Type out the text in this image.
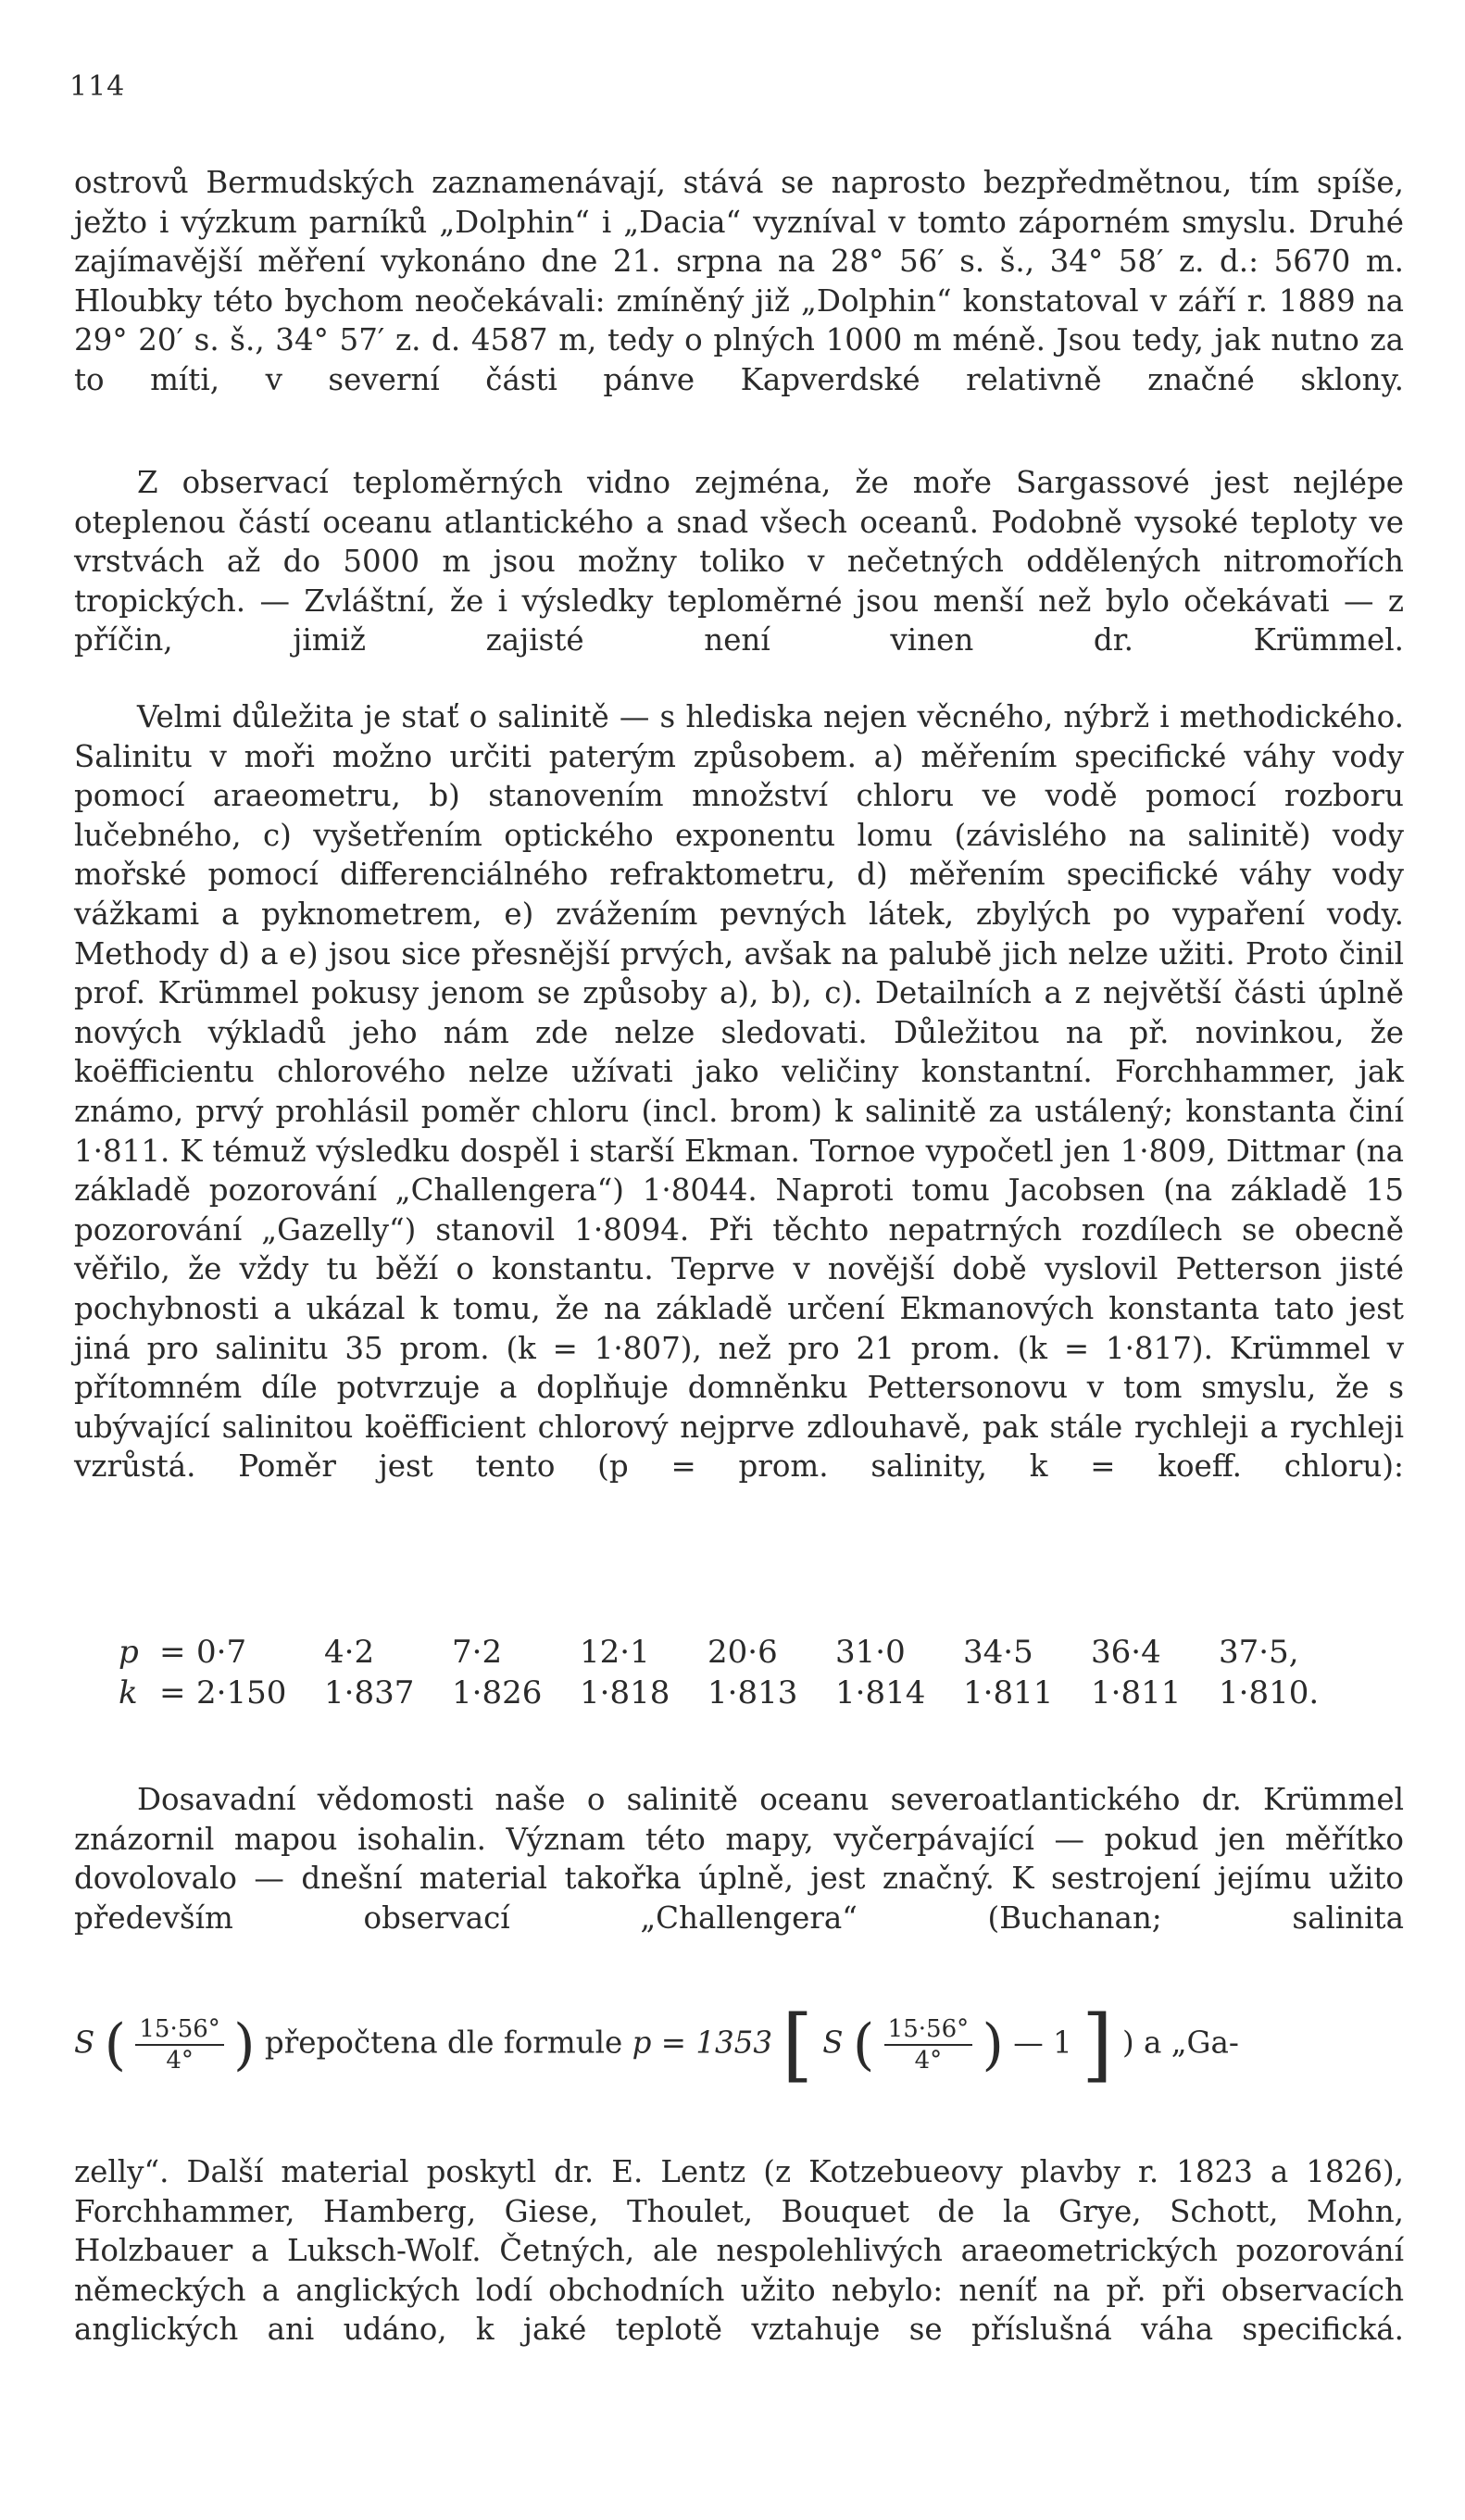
114

ostrovů Bermudských zaznamenávají, stává se naprosto bezpředmětnou, tím spíše, ježto i výzkum parníků „Dolphin“ i „Dacia“ vyzníval v tomto záporném smyslu. Druhé zajímavější měření vykonáno dne 21. srpna na 28° 56′ s. š., 34° 58′ z. d.: 5670 m. Hloubky této bychom neočekávali: zmíněný již „Dolphin“ konstatoval v září r. 1889 na 29° 20′ s. š., 34° 57′ z. d. 4587 m, tedy o plných 1000 m méně. Jsou tedy, jak nutno za to míti, v severní části pánve Kapverdské relativně značné sklony.

Z observací teploměrných vidno zejména, že moře Sargassové jest nejlépe oteplenou částí oceanu atlantického a snad všech oceanů. Podobně vysoké teploty ve vrstvách až do 5000 m jsou možny toliko v nečetných oddělených nitromořích tropických. — Zvláštní, že i výsledky teploměrné jsou menší než bylo očekávati — z příčin, jimiž zajisté není vinen dr. Krümmel.

Velmi důležita je stať o salinitě — s hlediska nejen věcného, nýbrž i methodického. Salinitu v moři možno určiti paterým způsobem. a) měřením specifické váhy vody pomocí araeometru, b) stanovením množství chloru ve vodě pomocí rozboru lučebného, c) vyšetřením optického exponentu lomu (závislého na salinitě) vody mořské pomocí differenciálného refraktometru, d) měřením specifické váhy vody vážkami a pyknometrem, e) zvážením pevných látek, zbylých po vypaření vody. Methody d) a e) jsou sice přesnější prvých, avšak na palubě jich nelze užiti. Proto činil prof. Krümmel pokusy jenom se způsoby a), b), c). Detailních a z největší části úplně nových výkladů jeho nám zde nelze sledovati. Důležitou na př. novinkou, že koëfficientu chlorového nelze užívati jako veličiny konstantní. Forchhammer, jak známo, prvý prohlásil poměr chloru (incl. brom) k salinitě za ustálený; konstanta činí 1·811. K témuž výsledku dospěl i starší Ekman. Tornoe vypočetl jen 1·809, Dittmar (na základě pozorování „Challengera“) 1·8044. Naproti tomu Jacobsen (na základě 15 pozorování „Gazelly“) stanovil 1·8094. Při těchto nepatrných rozdílech se obecně věřilo, že vždy tu běží o konstantu. Teprve v novější době vyslovil Petterson jisté pochybnosti a ukázal k tomu, že na základě určení Ekmanových konstanta tato jest jiná pro salinitu 35 prom. (k = 1·807), než pro 21 prom. (k = 1·817). Krümmel v přítomném díle potvrzuje a doplňuje domněnku Pettersonovu v tom smyslu, že s ubývající salinitou koëfficient chlorový nejprve zdlouhavě, pak stále rychleji a rychleji vzrůstá. Poměr jest tento (p = prom. salinity, k = koeff. chloru):

p	=	0·7	4·2	7·2	12·1	20·6	31·0	34·5	36·4	37·5,
k	=	2·150	1·837	1·826	1·818	1·813	1·814	1·811	1·811	1·810.

Dosavadní vědomosti naše o salinitě oceanu severoatlantického dr. Krümmel znázornil mapou isohalin. Význam této mapy, vyčerpávající — pokud jen měřítko dovolovalo — dnešní material takořka úplně, jest značný. K sestrojení jejímu užito především observací „Challengera“ (Buchanan; salinita

S ( $\frac{15\cdot 56^\circ}{4^\circ}$ ) přepočtena dle formule p = 1353 [ S ( $\frac{15\cdot 56^\circ}{4^\circ}$ ) — 1 ] ) a „Ga-

zelly“. Další material poskytl dr. E. Lentz (z Kotzebueovy plavby r. 1823 a 1826), Forchhammer, Hamberg, Giese, Thoulet, Bouquet de la Grye, Schott, Mohn, Holzbauer a Luksch-Wolf. Četných, ale nespolehlivých araeometrických pozorování německých a anglických lodí obchodních užito nebylo: neníť na př. při observacích anglických ani udáno, k jaké teplotě vztahuje se příslušná váha specifická.
